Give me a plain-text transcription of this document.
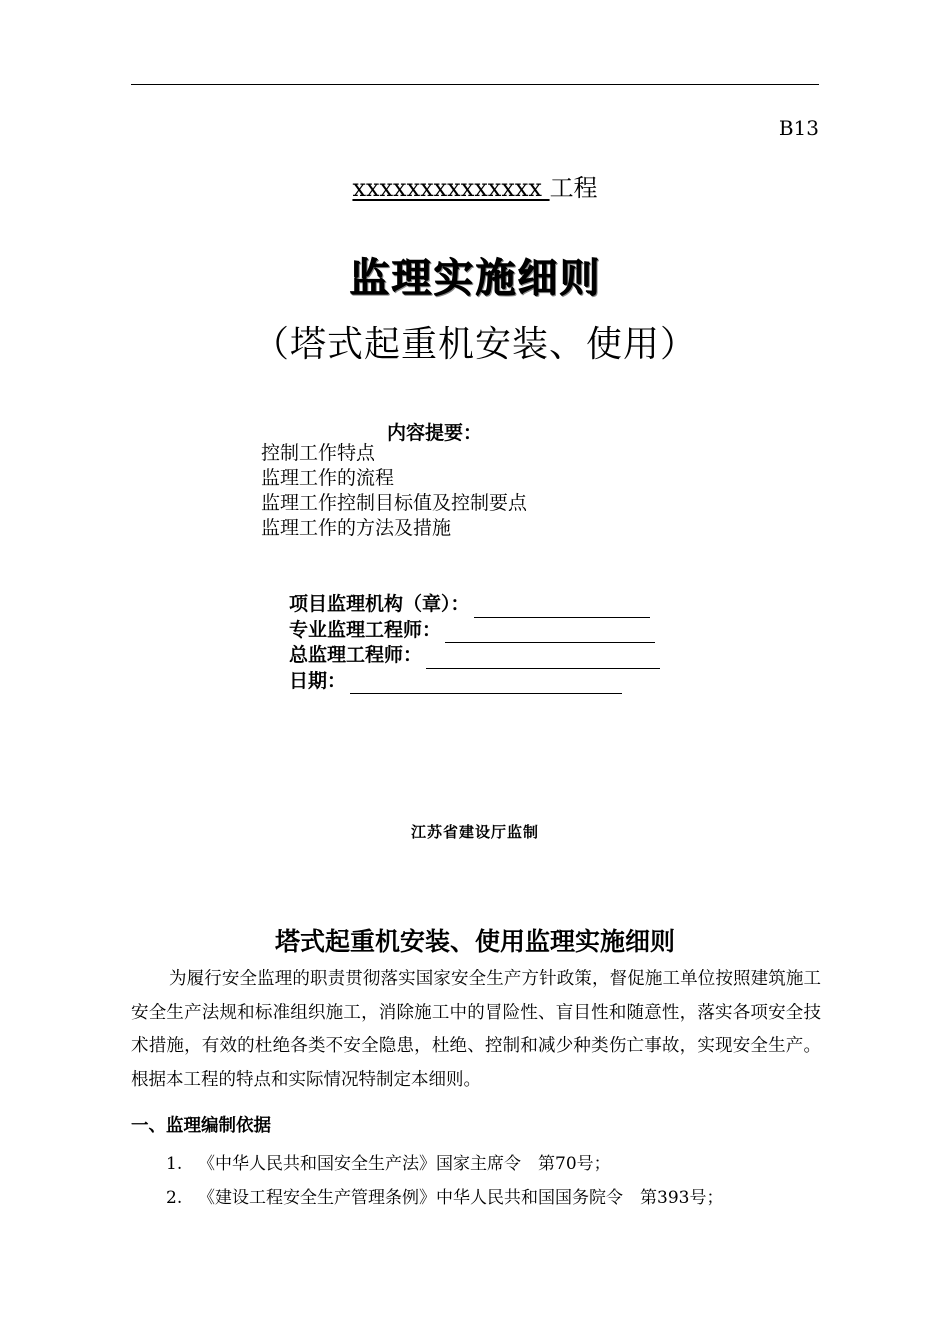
B13
xxxxxxxxxxxxxx 工程
监理实施细则
（塔式起重机安装、使用）
内容提要：
控制工作特点
监理工作的流程
监理工作控制目标值及控制要点
监理工作的方法及措施
项目监理机构（章）：
专业监理工程师：
总监理工程师：
日期：
江苏省建设厅监制
塔式起重机安装、使用监理实施细则
为履行安全监理的职责贯彻落实国家安全生产方针政策，督促施工单位按照建筑施工安全生产法规和标准组织施工，消除施工中的冒险性、盲目性和随意性，落实各项安全技术措施，有效的杜绝各类不安全隐患，杜绝、控制和减少种类伤亡事故，实现安全生产。根据本工程的特点和实际情况特制定本细则。
一、监理编制依据
1. 《中华人民共和国安全生产法》国家主席令　第70号；
2. 《建设工程安全生产管理条例》中华人民共和国国务院令　第393号；
